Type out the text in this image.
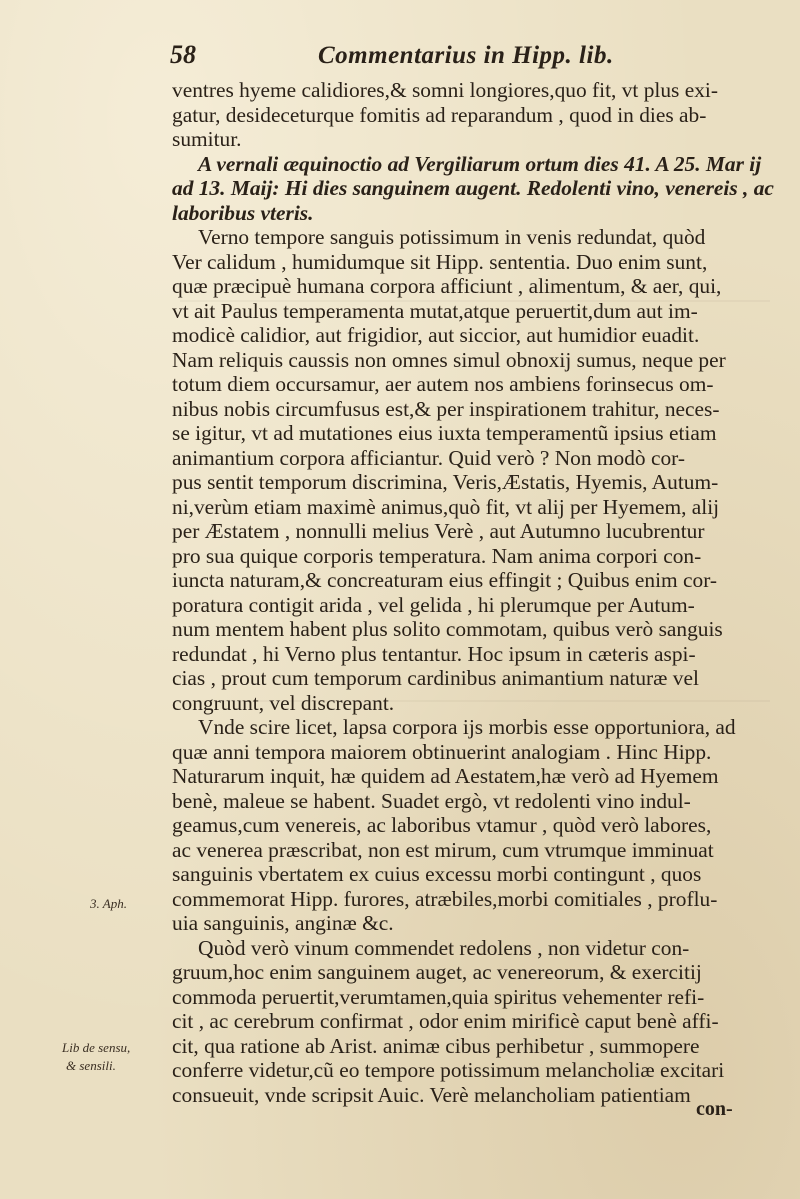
58	Commentarius in Hipp. lib.
ventres hyeme calidiores,& somni longiores,quo fit, vt plus exi-
gatur, desideceturque fomitis ad reparandum , quod in dies ab-
sumitur.
A vernali æquinoctio ad Vergiliarum ortum dies 41. A 25. Mar ij
ad 13. Maij: Hi dies sanguinem augent. Redolenti vino, venereis , ac
laboribus vteris.
Verno tempore sanguis potissimum in venis redundat, quòd
Ver calidum , humidumque sit Hipp. sententia. Duo enim sunt,
quæ præcipuè humana corpora afficiunt , alimentum, & aer, qui,
vt ait Paulus temperamenta mutat,atque peruertit,dum aut im-
modicè calidior, aut frigidior, aut siccior, aut humidior euadit.
Nam reliquis caussis non omnes simul obnoxij sumus, neque per
totum diem occursamur, aer autem nos ambiens forinsecus om-
nibus nobis circumfusus est,& per inspirationem trahitur, neces-
se igitur, vt ad mutationes eius iuxta temperamentũ ipsius etiam
animantium corpora afficiantur. Quid verò ? Non modò cor-
pus sentit temporum discrimina, Veris,Æstatis, Hyemis, Autum-
ni,verùm etiam maximè animus,quò fit, vt alij per Hyemem, alij
per Æstatem , nonnulli melius Verè , aut Autumno lucubrentur
pro sua quique corporis temperatura. Nam anima corpori con-
iuncta naturam,& concreaturam eius effingit ; Quibus enim cor-
poratura contigit arida , vel gelida , hi plerumque per Autum-
num mentem habent plus solito commotam, quibus verò sanguis
redundat , hi Verno plus tentantur. Hoc ipsum in cæteris aspi-
cias , prout cum temporum cardinibus animantium naturæ vel
congruunt, vel discrepant.
Vnde scire licet, lapsa corpora ijs morbis esse opportuniora, ad
quæ anni tempora maiorem obtinuerint analogiam . Hinc Hipp.
Naturarum inquit, hæ quidem ad Aestatem,hæ verò ad Hyemem
benè, maleue se habent. Suadet ergò, vt redolenti vino indul-
geamus,cum venereis, ac laboribus vtamur , quòd verò labores,
ac venerea præscribat, non est mirum, cum vtrumque imminuat
sanguinis vbertatem ex cuius excessu morbi contingunt , quos
commemorat Hipp. furores, atræbiles,morbi comitiales , proflu-
uia sanguinis, anginæ &c.
Quòd verò vinum commendet redolens , non videtur con-
gruum,hoc enim sanguinem auget, ac venereorum, & exercitij
commoda peruertit,verumtamen,quia spiritus vehementer refi-
cit , ac cerebrum confirmat , odor enim mirificè caput benè affi-
cit, qua ratione ab Arist. animæ cibus perhibetur , summopere
conferre videtur,cũ eo tempore potissimum melancholiæ excitari
consueuit, vnde scripsit Auic. Verè melancholiam patientiam
3. Aph.
Lib de sensu,
& sensili.
con-
